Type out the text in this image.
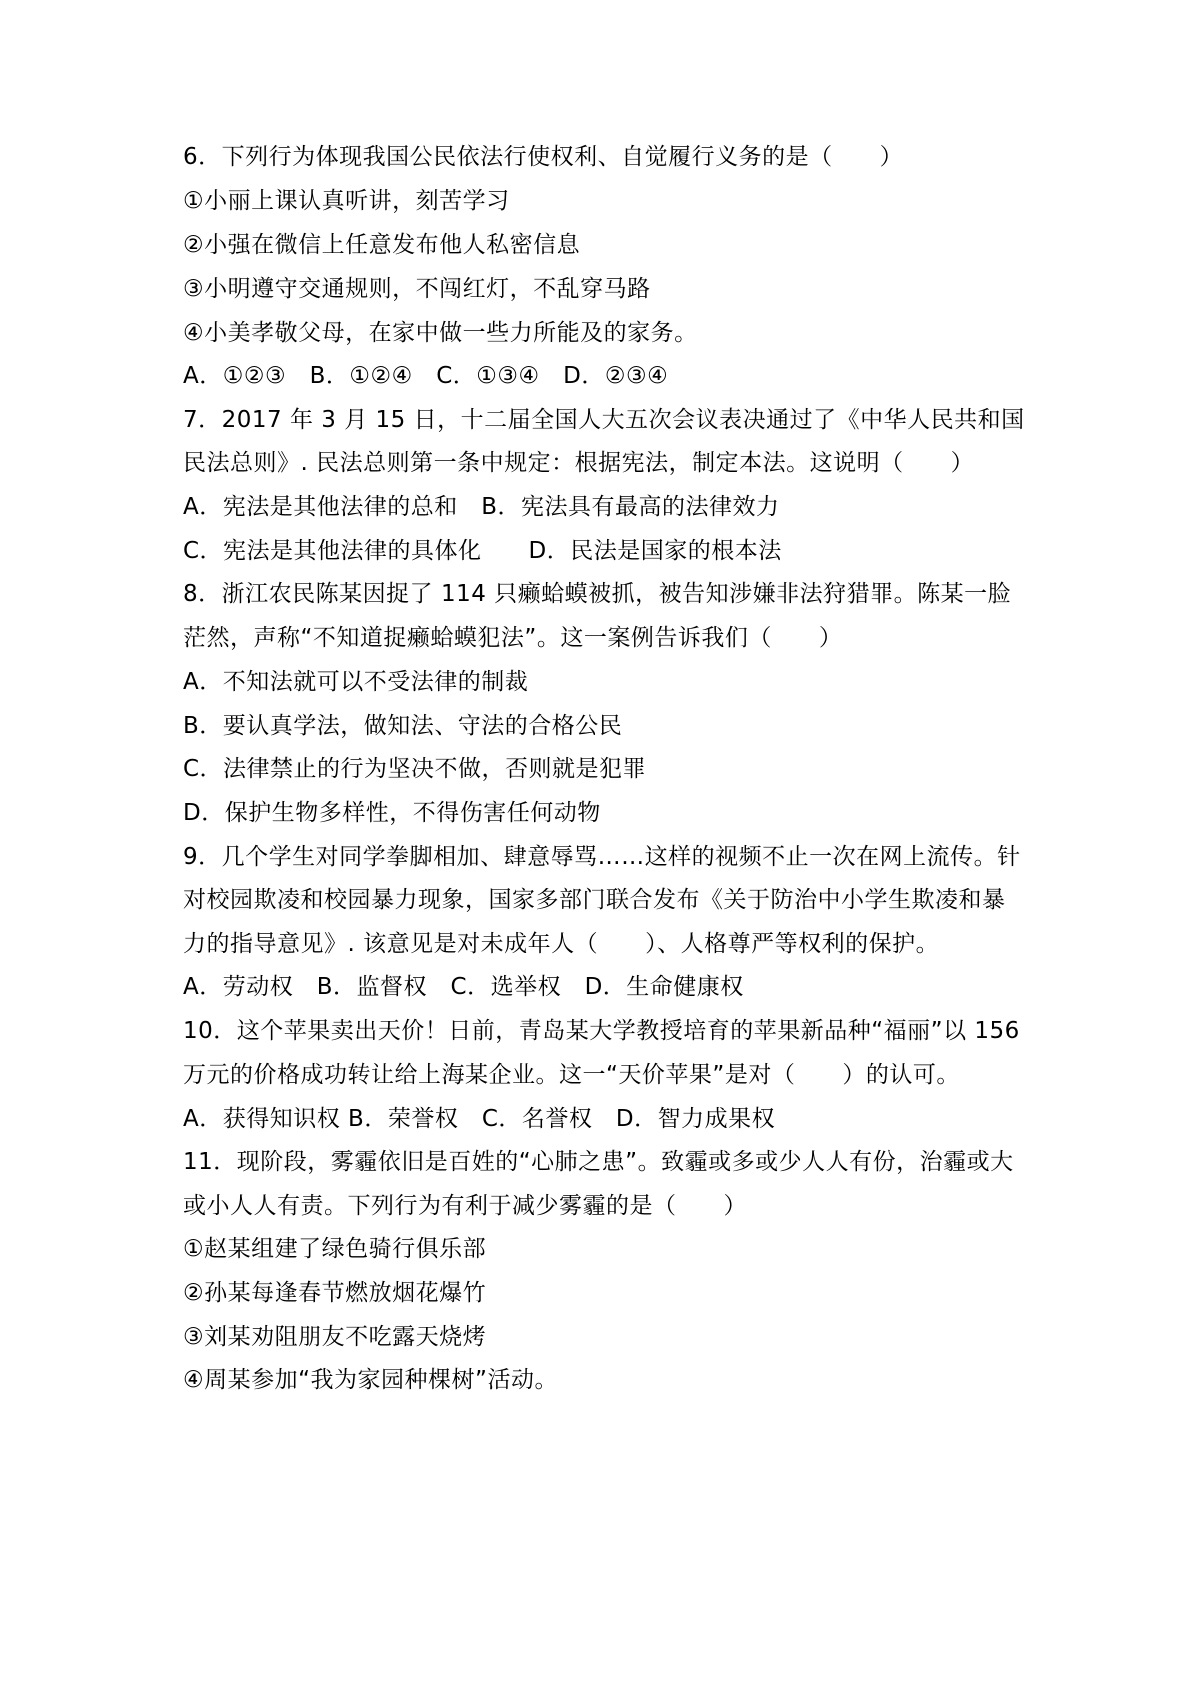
6．下列行为体现我国公民依法行使权利、自觉履行义务的是（　　）
①小丽上课认真听讲，刻苦学习
②小强在微信上任意发布他人私密信息
③小明遵守交通规则，不闯红灯，不乱穿马路
④小美孝敬父母，在家中做一些力所能及的家务。
A．①②③　B．①②④　C．①③④　D．②③④
7．2017 年 3 月 15 日，十二届全国人大五次会议表决通过了《中华人民共和国
民法总则》. 民法总则第一条中规定：根据宪法，制定本法。这说明（　　）
A．宪法是其他法律的总和　B．宪法具有最高的法律效力
C．宪法是其他法律的具体化　　D．民法是国家的根本法
8．浙江农民陈某因捉了 114 只癞蛤蟆被抓，被告知涉嫌非法狩猎罪。陈某一脸
茫然，声称“不知道捉癞蛤蟆犯法”。这一案例告诉我们（　　）
A．不知法就可以不受法律的制裁
B．要认真学法，做知法、守法的合格公民
C．法律禁止的行为坚决不做，否则就是犯罪
D．保护生物多样性，不得伤害任何动物
9．几个学生对同学拳脚相加、肆意辱骂……这样的视频不止一次在网上流传。针
对校园欺凌和校园暴力现象，国家多部门联合发布《关于防治中小学生欺凌和暴
力的指导意见》. 该意见是对未成年人（　　）、人格尊严等权利的保护。
A．劳动权　B．监督权　C．选举权　D．生命健康权
10．这个苹果卖出天价！日前，青岛某大学教授培育的苹果新品种“福丽”以 156
万元的价格成功转让给上海某企业。这一“天价苹果”是对（　　）的认可。
A．获得知识权 B．荣誉权　C．名誉权　D．智力成果权
11．现阶段，雾霾依旧是百姓的“心肺之患”。致霾或多或少人人有份，治霾或大
或小人人有责。下列行为有利于减少雾霾的是（　　）
①赵某组建了绿色骑行俱乐部
②孙某每逢春节燃放烟花爆竹
③刘某劝阻朋友不吃露天烧烤
④周某参加“我为家园种棵树”活动。
